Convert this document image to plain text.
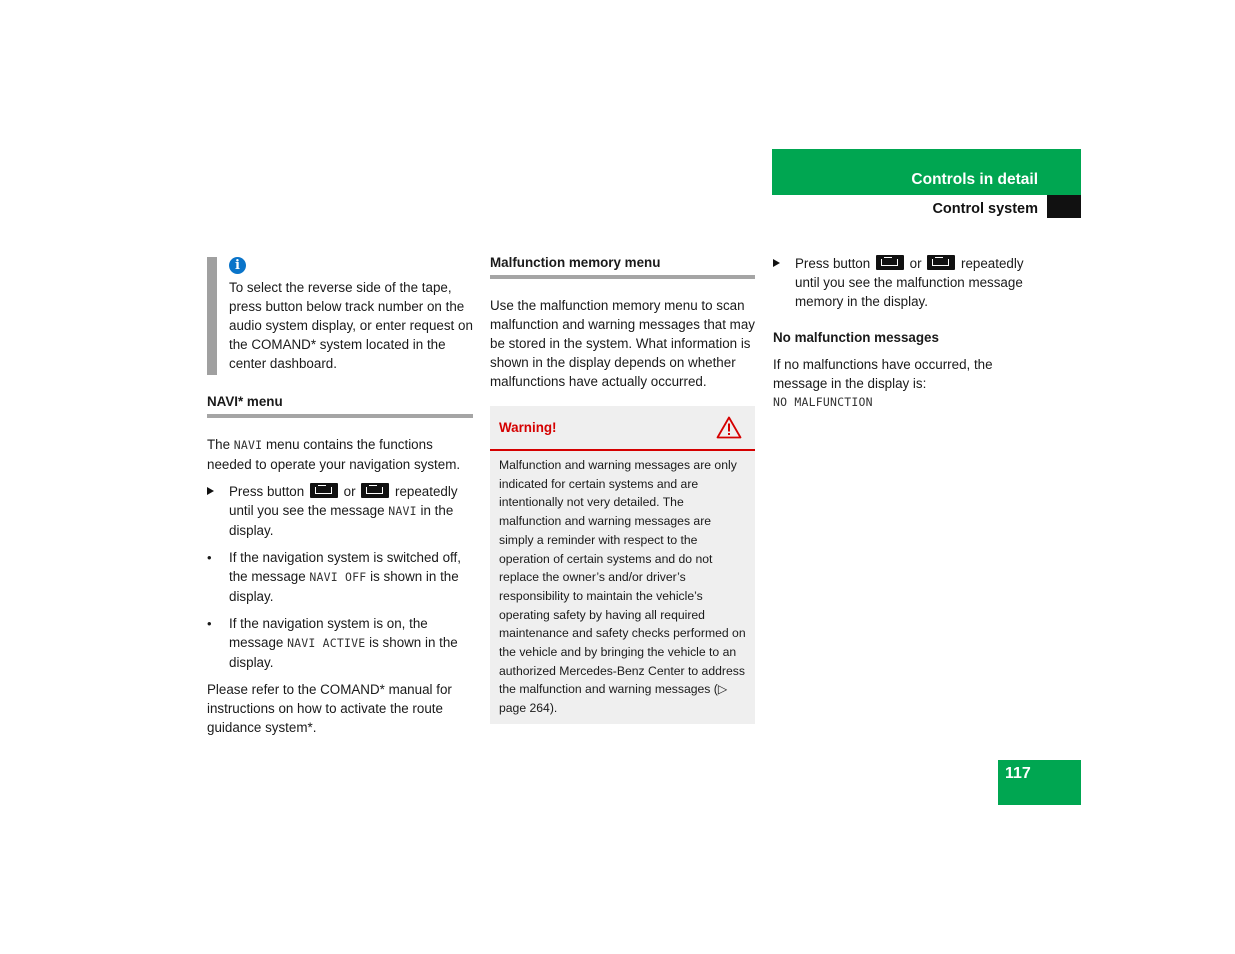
Controls in detail
Control system
i

To select the reverse side of the tape, press button below track number on the audio system display, or enter request on the COMAND* system located in the center dashboard.

NAVI* menu

The NAVI menu contains the functions needed to operate your navigation system.

Press button
or
repeatedly until you see the message NAVI in the display.
• If the navigation system is switched off, the message NAVI OFF is shown in the display.
• If the navigation system is on, the message NAVI ACTIVE is shown in the display.

Please refer to the COMAND* manual for instructions on how to activate the route guidance system*.

Malfunction memory menu

Use the malfunction memory menu to scan malfunction and warning messages that may be stored in the system. What information is shown in the display depends on whether malfunctions have actually occurred.

Warning!
Malfunction and warning messages are only indicated for certain systems and are intentionally not very detailed. The malfunction and warning messages are simply a reminder with respect to the operation of certain systems and do not replace the owner’s and/or driver’s responsibility to maintain the vehicle’s operating safety by having all required maintenance and safety checks performed on the vehicle and by bringing the vehicle to an authorized Mercedes-Benz Center to address the malfunction and warning messages (▷ page 264).
Press button
or
repeatedly until you see the malfunction message memory in the display.
No malfunction messages

If no malfunctions have occurred, the message in the display is:

NO MALFUNCTION

117
